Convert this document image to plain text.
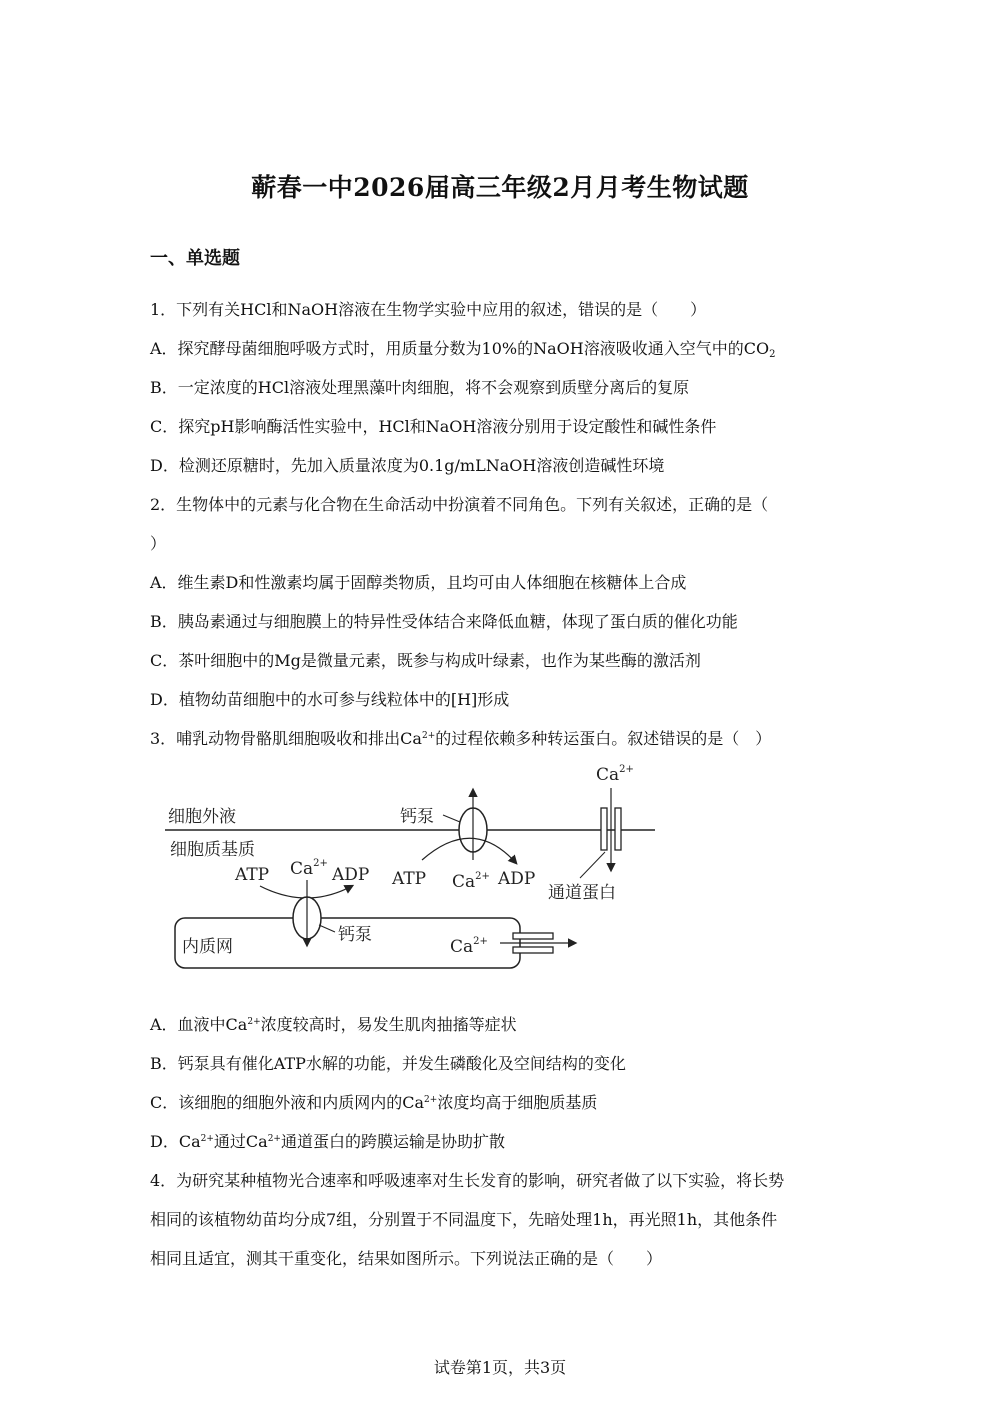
蕲春一中2026届高三年级2月月考生物试题
一、单选题
1．下列有关HCl和NaOH溶液在生物学实验中应用的叙述，错误的是（　　）
A．探究酵母菌细胞呼吸方式时，用质量分数为10%的NaOH溶液吸收通入空气中的$CO_2$
B．一定浓度的HCl溶液处理黑藻叶肉细胞，将不会观察到质壁分离后的复原
C．探究pH影响酶活性实验中，HCl和NaOH溶液分别用于设定酸性和碱性条件
D．检测还原糖时，先加入质量浓度为0.1g/mLNaOH溶液创造碱性环境
2．生物体中的元素与化合物在生命活动中扮演着不同角色。下列有关叙述，正确的是（
）
A．维生素D和性激素均属于固醇类物质，且均可由人体细胞在核糖体上合成
B．胰岛素通过与细胞膜上的特异性受体结合来降低血糖，体现了蛋白质的催化功能
C．茶叶细胞中的Mg是微量元素，既参与构成叶绿素，也作为某些酶的激活剂
D．植物幼苗细胞中的水可参与线粒体中的[H]形成
3．哺乳动物骨骼肌细胞吸收和排出$Ca^{2+}$的过程依赖多种转运蛋白。叙述错误的是（　）
细胞外液
细胞质基质
钙泵
ATP	ADP
$Ca^{2+}$
$Ca^{2+}$
通道蛋白
ATP $Ca^{2+}$
ADP
钙泵
内质网	$Ca^{2+}$
A．血液中$Ca^{2+}$浓度较高时，易发生肌肉抽搐等症状
B．钙泵具有催化ATP水解的功能，并发生磷酸化及空间结构的变化
C．该细胞的细胞外液和内质网内的$Ca^{2+}$浓度均高于细胞质基质
D．$Ca^{2+}$通过$Ca^{2+}$通道蛋白的跨膜运输是协助扩散
4．为研究某种植物光合速率和呼吸速率对生长发育的影响，研究者做了以下实验，将长势
相同的该植物幼苗均分成7组，分别置于不同温度下，先暗处理1h，再光照1h，其他条件
相同且适宜，测其干重变化，结果如图所示。下列说法正确的是（　　）
试卷第1页，共3页
